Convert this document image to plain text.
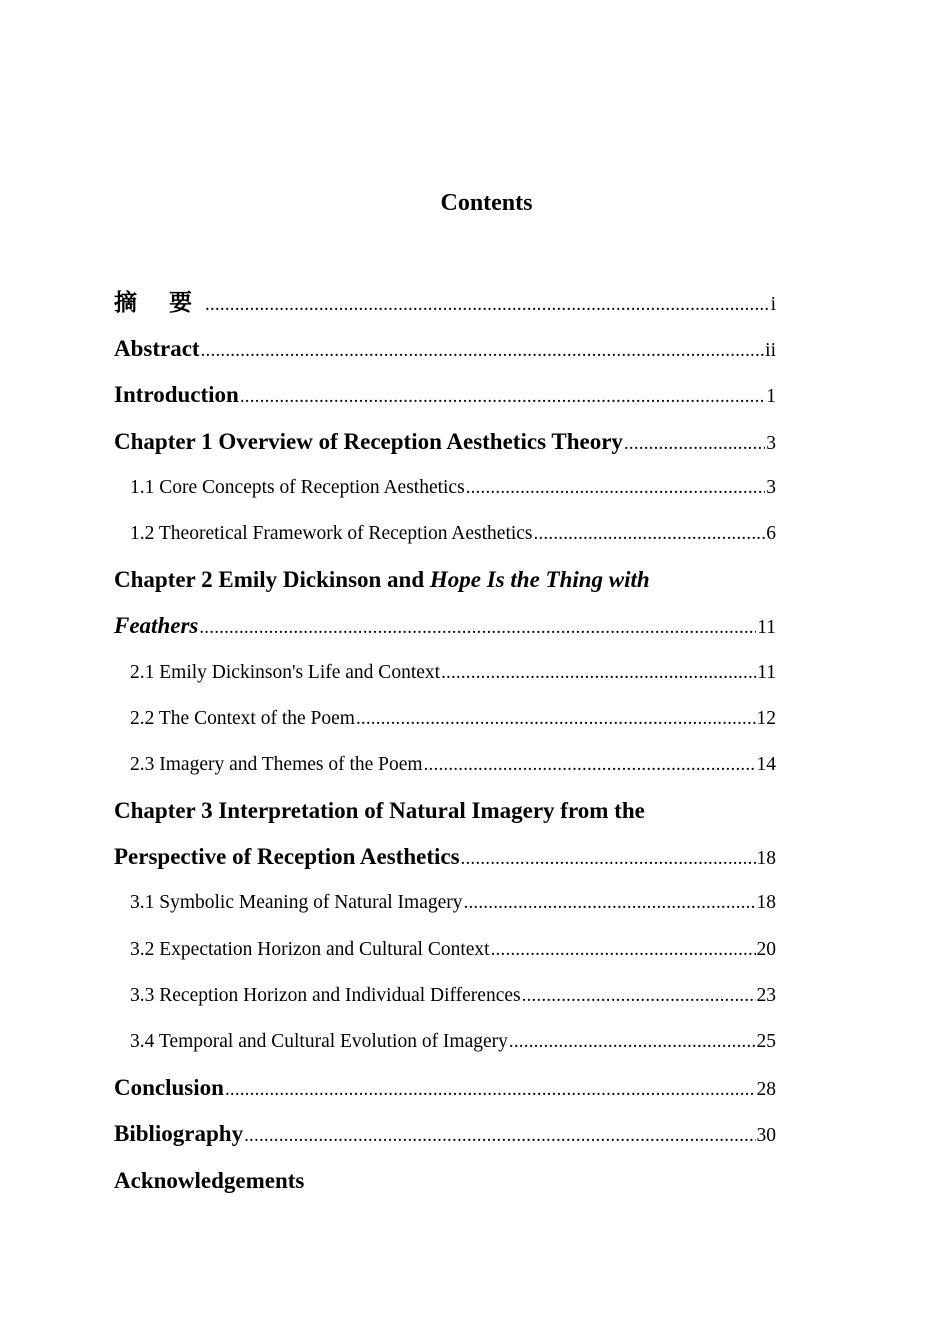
Contents
摘 要 .....	i
Abstract .....	ii
Introduction .....	1
Chapter 1 Overview of Reception Aesthetics Theory .....	3
1.1 Core Concepts of Reception Aesthetics .....	3
1.2 Theoretical Framework of Reception Aesthetics .....	6
Chapter 2 Emily Dickinson and Hope Is the Thing with
Feathers .....	11
2.1 Emily Dickinson's Life and Context .....	11
2.2 The Context of the Poem .....	12
2.3 Imagery and Themes of the Poem .....	14
Chapter 3 Interpretation of Natural Imagery from the
Perspective of Reception Aesthetics .....	18
3.1 Symbolic Meaning of Natural Imagery .....	18
3.2 Expectation Horizon and Cultural Context .....	20
3.3 Reception Horizon and Individual Differences .....	23
3.4 Temporal and Cultural Evolution of Imagery .....	25
Conclusion .....	28
Bibliography .....	30
Acknowledgements
